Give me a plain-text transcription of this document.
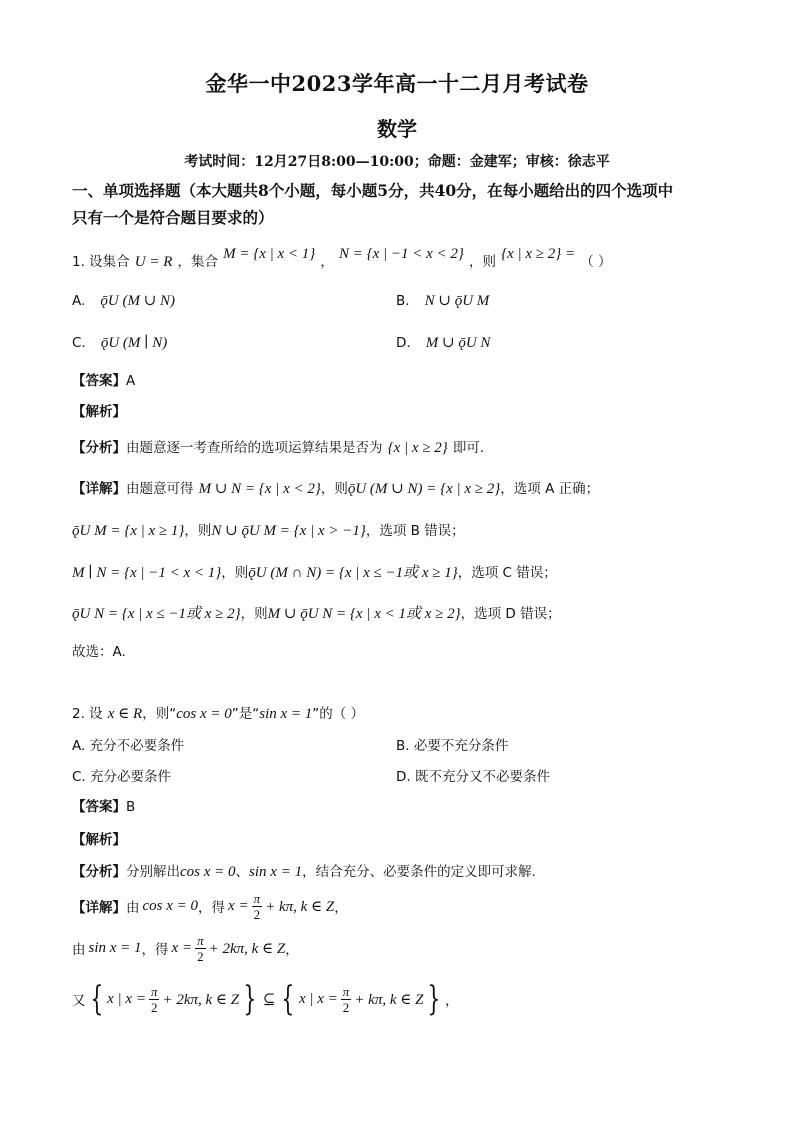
金华一中2023学年高一十二月月考试卷
数学
考试时间：12月27日8:00—10:00；命题：金建军；审核：徐志平
一、单项选择题（本大题共8个小题，每小题5分，共40分，在每小题给出的四个选项中
只有一个是符合题目要求的）
1. 设集合 U = R ，集合 M = {x | x < 1} ， N = {x | −1 < x < 2} ，则 {x | x ≥ 2} = （ ）
A. ǭU (M ∪ N)	B. N ∪ ǭU M
C. ǭU (M ∣ N)	D. M ∪ ǭU N
【答案】A
【解析】
【分析】由题意逐一考查所给的选项运算结果是否为 {x | x ≥ 2} 即可.
【详解】由题意可得 M ∪ N = {x | x < 2}，则ǭU (M ∪ N) = {x | x ≥ 2}，选项 A 正确；
ǭU M = {x | x ≥ 1}，则N ∪ ǭU M = {x | x > −1}，选项 B 错误；
M ∣ N = {x | −1 < x < 1}，则ǭU (M ∩ N) = {x | x ≤ −1或 x ≥ 1}，选项 C 错误；
ǭU N = {x | x ≤ −1或 x ≥ 2}，则M ∪ ǭU N = {x | x < 1或 x ≥ 2}，选项 D 错误；
故选：A.
2. 设 x ∈ R，则“cos x = 0”是“sin x = 1”的（ ）
A. 充分不必要条件	B. 必要不充分条件
C. 充分必要条件	D. 既不充分又不必要条件
【答案】B
【解析】
【分析】分别解出cos x = 0、sin x = 1，结合充分、必要条件的定义即可求解.
【详解】 由 cos x = 0 ，得 $x = \frac{\pi}{2} + k\pi$, k ∈ Z ，
由 sin x = 1 ，得 $x = \frac{\pi}{2} + 2k\pi$, k ∈ Z ，
又 { x | $x = \frac{\pi}{2} + 2k\pi$, k ∈ Z } ⊆ { x | $x = \frac{\pi}{2} + k\pi$, k ∈ Z } ，
